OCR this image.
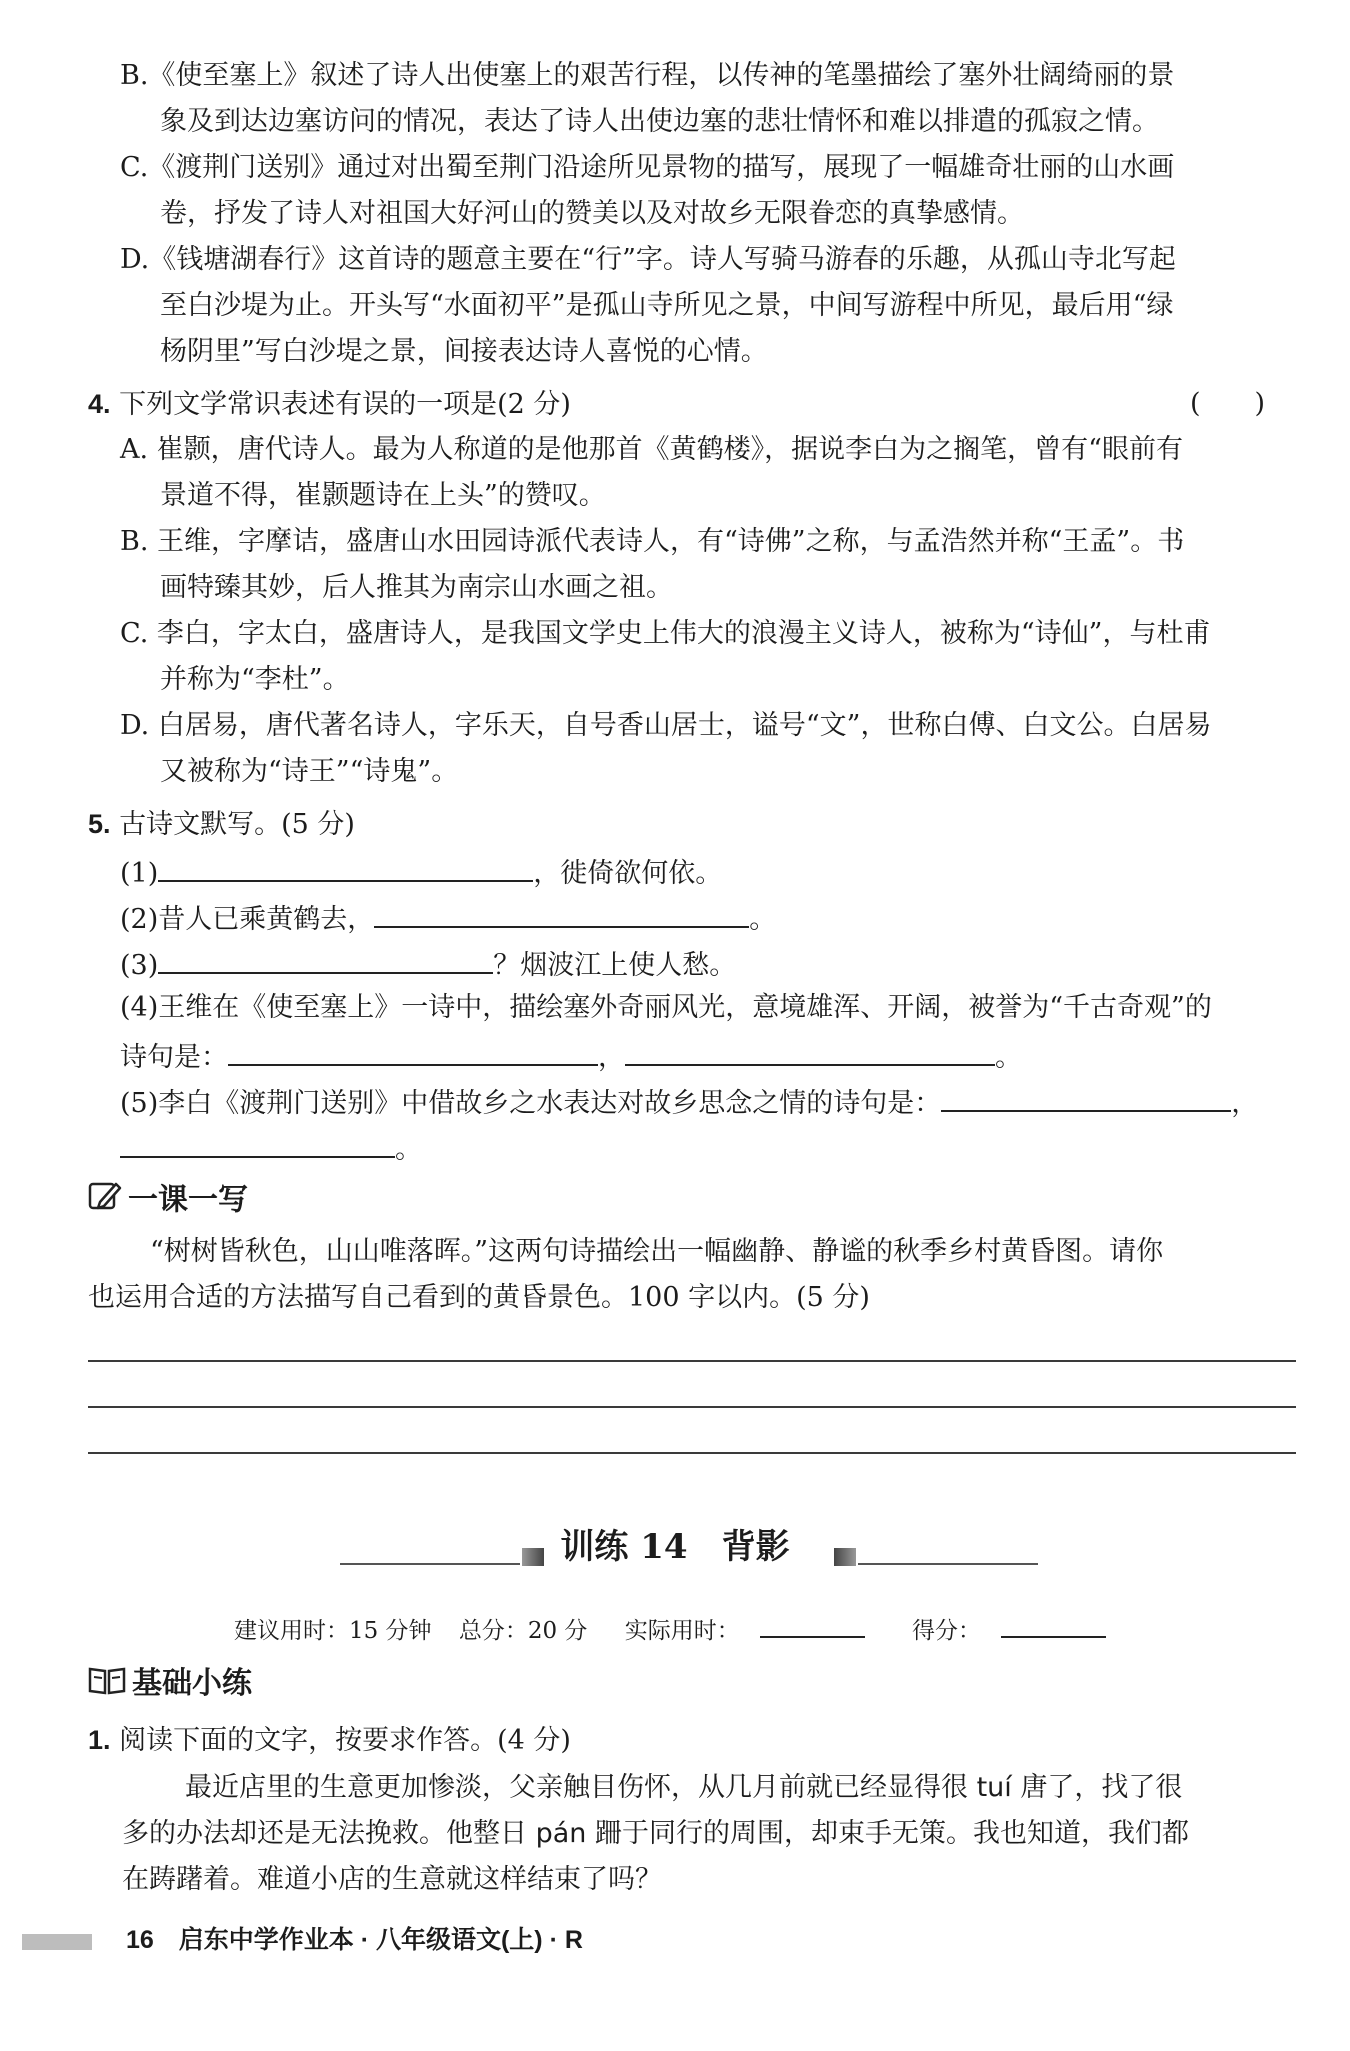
B.《使至塞上》叙述了诗人出使塞上的艰苦行程，以传神的笔墨描绘了塞外壮阔绮丽的景
象及到达边塞访问的情况，表达了诗人出使边塞的悲壮情怀和难以排遣的孤寂之情。
C.《渡荆门送别》通过对出蜀至荆门沿途所见景物的描写，展现了一幅雄奇壮丽的山水画
卷，抒发了诗人对祖国大好河山的赞美以及对故乡无限眷恋的真挚感情。
D.《钱塘湖春行》这首诗的题意主要在“行”字。诗人写骑马游春的乐趣，从孤山寺北写起
至白沙堤为止。开头写“水面初平”是孤山寺所见之景，中间写游程中所见，最后用“绿
杨阴里”写白沙堤之景，间接表达诗人喜悦的心情。
4. 下列文学常识表述有误的一项是(2 分)	(　　)
A. 崔颢，唐代诗人。最为人称道的是他那首《黄鹤楼》，据说李白为之搁笔，曾有“眼前有
景道不得，崔颢题诗在上头”的赞叹。
B. 王维，字摩诘，盛唐山水田园诗派代表诗人，有“诗佛”之称，与孟浩然并称“王孟”。书
画特臻其妙，后人推其为南宗山水画之祖。
C. 李白，字太白，盛唐诗人，是我国文学史上伟大的浪漫主义诗人，被称为“诗仙”，与杜甫
并称为“李杜”。
D. 白居易，唐代著名诗人，字乐天，自号香山居士，谥号“文”，世称白傅、白文公。白居易
又被称为“诗王”“诗鬼”。
5. 古诗文默写。(5 分)
(1)	，徙倚欲何依。
(2)昔人已乘黄鹤去，	。
(3)	？烟波江上使人愁。
(4)王维在《使至塞上》一诗中，描绘塞外奇丽风光，意境雄浑、开阔，被誉为“千古奇观”的
诗句是：	，	。
(5)李白《渡荆门送别》中借故乡之水表达对故乡思念之情的诗句是：	，
。
一课一写
“树树皆秋色，山山唯落晖。”这两句诗描绘出一幅幽静、静谧的秋季乡村黄昏图。请你
也运用合适的方法描写自己看到的黄昏景色。100 字以内。(5 分)
训练 14　背影
建议用时：15 分钟 总分：20 分 实际用时：	得分：
基础小练
1. 阅读下面的文字，按要求作答。(4 分)
最近店里的生意更加惨淡，父亲触目伤怀，从几月前就已经显得很 tuí 唐了，找了很
多的办法却还是无法挽救。他整日 pán 跚于同行的周围，却束手无策。我也知道，我们都
在踌躇着。难道小店的生意就这样结束了吗？
16 启东中学作业本 · 八年级语文(上) · R
